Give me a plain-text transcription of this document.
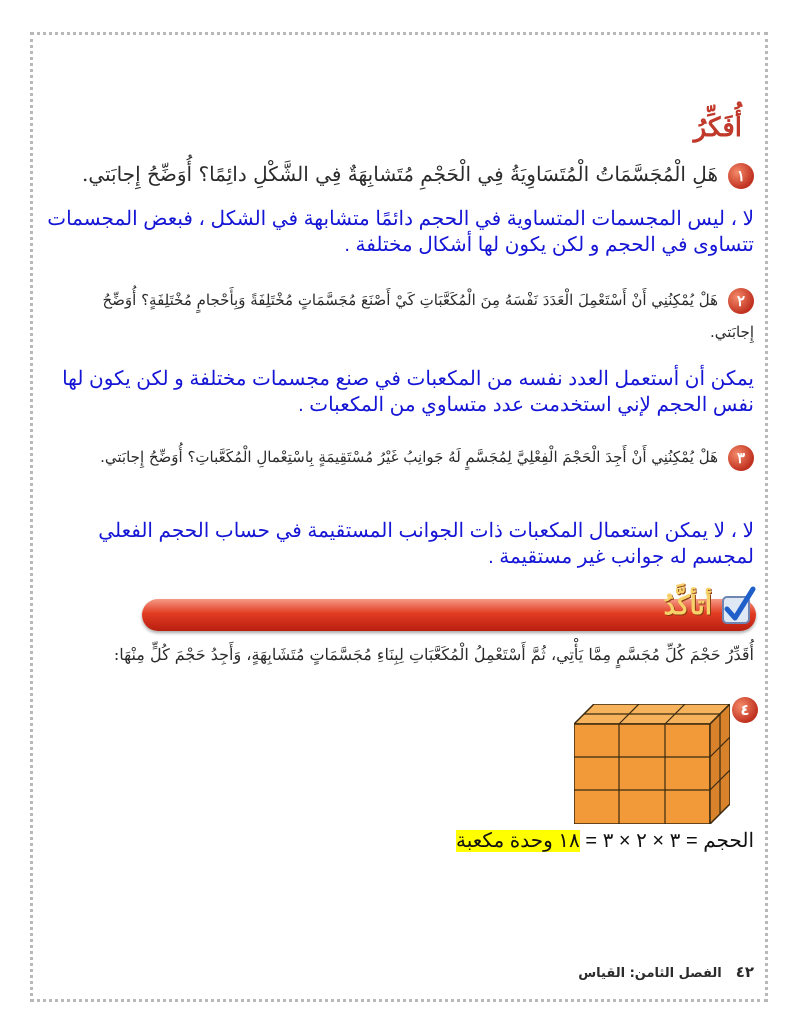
أُفَكِّرُ
١هَلِ الْمُجَسَّمَاتُ الْمُتَسَاوِيَةُ فِي الْحَجْمِ مُتَشابِهَةٌ فِي الشَّكْلِ دائِمًا؟ أُوَضِّحُ إِجابَتي.
لا ، ليس المجسمات المتساوية في الحجم دائمًا متشابهة في الشكل ، فبعض المجسمات تتساوى في الحجم و لكن يكون لها أشكال مختلفة .
٢هَلْ يُمْكِنُنِي أَنْ أَسْتَعْمِلَ الْعَدَدَ نَفْسَهُ مِنَ الْمُكَعَّبَاتِ كَيْ أَصْنَعَ مُجَسَّمَاتٍ مُخْتَلِفَةً وَبِأَحْجامٍ مُخْتَلِفَةٍ؟ أُوَضِّحُ إِجابَتي.
يمكن أن أستعمل العدد نفسه من المكعبات في صنع مجسمات مختلفة و لكن يكون لها نفس الحجم لإني استخدمت عدد متساوي من المكعبات .
٣هَلْ يُمْكِنُنِي أَنْ أَجِدَ الْحَجْمَ الْفِعْلِيَّ لِمُجَسَّمٍ لَهُ جَوانِبُ غَيْرُ مُسْتَقِيمَةٍ بِاسْتِعْمالِ الْمُكَعَّباتِ؟ أُوَضِّحُ إِجابَتي.
لا ، لا يمكن استعمال المكعبات ذات الجوانب المستقيمة في حساب الحجم الفعلي لمجسم له جوانب غير مستقيمة .
أتأكَّدُ
أُقَدِّرُ حَجْمَ كُلِّ مُجَسَّمٍ مِمَّا يَأْتِي، ثُمَّ أَسْتَعْمِلُ الْمُكَعَّبَاتِ لِبِنَاءِ مُجَسَّمَاتٍ مُتَشَابِهَةٍ، وَأَجِدُ حَجْمَ كُلٍّ مِنْهَا:
٤
الحجم = ٣ × ٢ × ٣ = ١٨ وحدة مكعبة
٤٢الفصل الثامن: القياس
